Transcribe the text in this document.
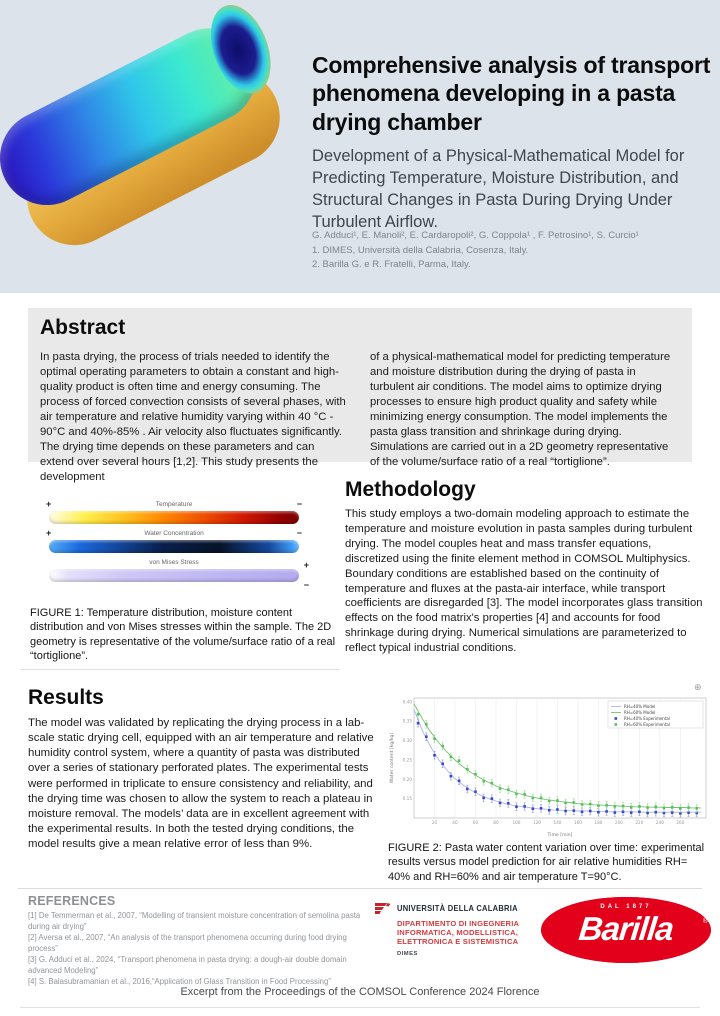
Comprehensive analysis of transport phenomena developing in a pasta drying chamber
Development of a Physical-Mathematical Model for Predicting Temperature, Moisture Distribution, and Structural Changes in Pasta During Drying Under Turbulent Airflow.
G. Adduci¹, E. Manoli², E. Cardaropoli², G. Coppola¹ , F. Petrosino¹, S. Curcio¹
1. DIMES, Università della Calabria, Cosenza, Italy.
2. Barilla G. e R. Fratelli, Parma, Italy.
Abstract
In pasta drying, the process of trials needed to identify the optimal operating parameters to obtain a constant and high-quality product is often time and energy consuming. The process of forced convection consists of several phases, with air temperature and relative humidity varying within 40 °C - 90°C and 40%-85% . Air velocity also fluctuates significantly. The drying time depends on these parameters and can extend over several hours [1,2]. This study presents the development
of a physical-mathematical model for predicting temperature and moisture distribution during the drying of pasta in turbulent air conditions. The model aims to optimize drying processes to ensure high product quality and safety while minimizing energy consumption. The model implements the pasta glass transition and shrinkage during drying. Simulations are carried out in a 2D geometry representative of the volume/surface ratio of a real “tortiglione”.
Temperature
+	−
Water Concentration
+	−
von Mises Stress	+
−
FIGURE 1: Temperature distribution, moisture content distribution and von Mises stresses within the sample. The 2D geometry is representative of the volume/surface ratio of a real “tortiglione”.
Methodology
This study employs a two-domain modeling approach to estimate the temperature and moisture evolution in pasta samples during turbulent drying. The model couples heat and mass transfer equations, discretized using the finite element method in COMSOL Multiphysics. Boundary conditions are established based on the continuity of temperature and fluxes at the pasta-air interface, while transport coefficients are disregarded [3]. The model incorporates glass transition effects on the food matrix's properties [4] and accounts for food shrinkage during drying. Numerical simulations are parameterized to reflect typical industrial conditions.
Results
The model was validated by replicating the drying process in a lab-scale static drying cell, equipped with an air temperature and relative humidity control system, where a quantity of pasta was distributed over a series of stationary perforated plates. The experimental tests were performed in triplicate to ensure consistency and reliability, and the drying time was chosen to allow the system to reach a plateau in moisture removal. The models’ data are in excellent agreement with the experimental results. In both the tested drying conditions, the model results give a mean relative error of less than 9%.
⊕
20	40	60	80	100	120	140	160	180	200	220	240	260
0.15
0.20
0.25
0.30
0.35
0.40
RH=40% Model
RH=60% Model
RH=40% Experimental
RH=60% Experimental
Time [min]
Water content [kg/kg]
FIGURE 2: Pasta water content variation over time: experimental results versus model prediction for air relative humidities RH= 40% and RH=60% and air temperature T=90°C.
REFERENCES
[1] De Temmerman et al., 2007, “Modelling of transient moisture concentration of semolina pasta during air drying”
[2] Aversa et al., 2007, “An analysis of the transport phenomena occurring during food drying process”
[3] G. Adduci et al., 2024, “Transport phenomena in pasta drying: a dough-air double domain advanced Modeling”
[4] S. Balasubramanian et al., 2016,“Application of Glass Transition in Food Processing”
UNIVERSITÀ DELLA CALABRIA
DIPARTIMENTO DI INGEGNERIA INFORMATICA, MODELLISTICA, ELETTRONICA E SISTEMISTICA
DIMES
DAL 1877
Barilla	®
Excerpt from the Proceedings of the COMSOL Conference 2024 Florence
